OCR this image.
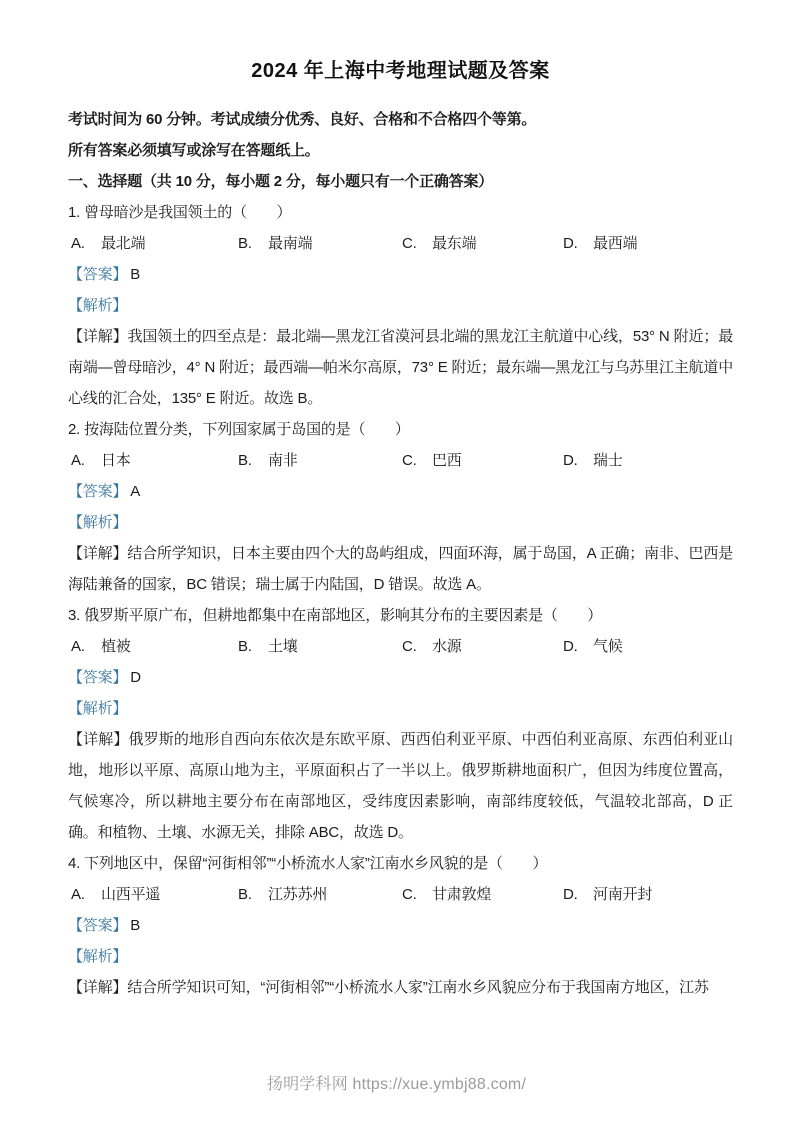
2024 年上海中考地理试题及答案

考试时间为 60 分钟。考试成绩分优秀、良好、合格和不合格四个等第。

所有答案必须填写或涂写在答题纸上。

一、选择题（共 10 分，每小题 2 分，每小题只有一个正确答案）

1. 曾母暗沙是我国领土的（　　）

A.	最北端	B.	最南端	C.	最东端	D.	最西端

【答案】 B

【解析】

【详解】我国领土的四至点是：最北端—黑龙江省漠河县北端的黑龙江主航道中心线，53° N 附近；最南端—曾母暗沙，4° N 附近；最西端—帕米尔高原，73° E 附近；最东端—黑龙江与乌苏里江主航道中心线的汇合处，135° E 附近。故选 B。

2. 按海陆位置分类，下列国家属于岛国的是（　　）

A.	日本	B.	南非	C.	巴西	D.	瑞士

【答案】 A

【解析】

【详解】结合所学知识，日本主要由四个大的岛屿组成，四面环海，属于岛国，A 正确；南非、巴西是海陆兼备的国家，BC 错误；瑞士属于内陆国，D 错误。故选 A。

3. 俄罗斯平原广布，但耕地都集中在南部地区，影响其分布的主要因素是（　　）

A.	植被	B.	土壤	C.	水源	D.	气候

【答案】 D

【解析】

【详解】俄罗斯的地形自西向东依次是东欧平原、西西伯利亚平原、中西伯利亚高原、东西伯利亚山地，地形以平原、高原山地为主，平原面积占了一半以上。俄罗斯耕地面积广，但因为纬度位置高，气候寒冷，所以耕地主要分布在南部地区，受纬度因素影响，南部纬度较低，气温较北部高，D 正确。和植物、土壤、水源无关，排除 ABC，故选 D。

4. 下列地区中，保留“河街相邻”“小桥流水人家”江南水乡风貌的是（　　）

A.	山西平遥	B.	江苏苏州	C.	甘肃敦煌	D.	河南开封

【答案】 B

【解析】

【详解】结合所学知识可知，“河街相邻”“小桥流水人家”江南水乡风貌应分布于我国南方地区，江苏

扬明学科网 https://xue.ymbj88.com/
